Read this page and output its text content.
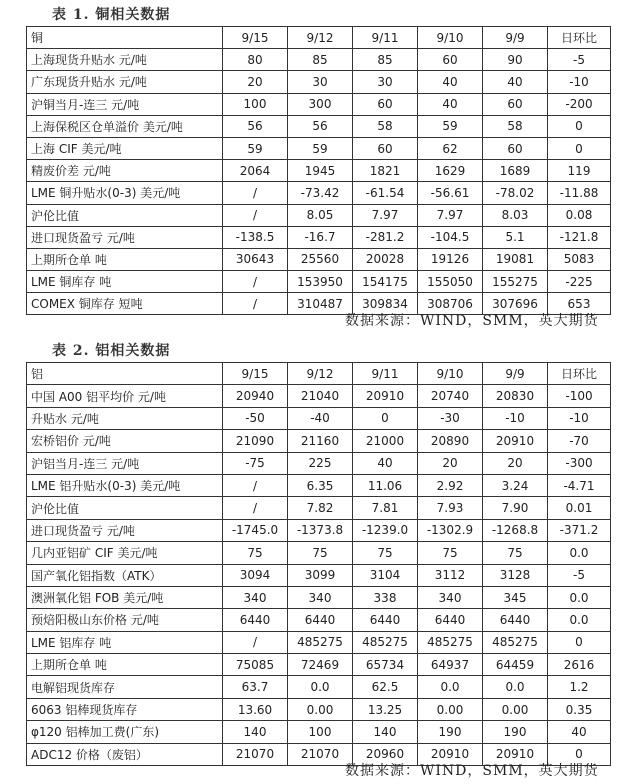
表 1. 铜相关数据
铜	9/15	9/12	9/11	9/10	9/9	日环比
上海现货升贴水 元/吨	80	85	85	60	90	-5
广东现货升贴水 元/吨	20	30	30	40	40	-10
沪铜当月-连三 元/吨	100	300	60	40	60	-200
上海保税区仓单溢价 美元/吨	56	56	58	59	58	0
上海 CIF 美元/吨	59	59	60	62	60	0
精废价差 元/吨	2064	1945	1821	1629	1689	119
LME 铜升贴水(0-3) 美元/吨	/	-73.42	-61.54	-56.61	-78.02	-11.88
沪伦比值	/	8.05	7.97	7.97	8.03	0.08
进口现货盈亏 元/吨	-138.5	-16.7	-281.2	-104.5	5.1	-121.8
上期所仓单 吨	30643	25560	20028	19126	19081	5083
LME 铜库存 吨	/	153950	154175	155050	155275	-225
COMEX 铜库存 短吨	/	310487	309834	308706	307696	653
数据来源：WIND，SMM，英大期货
表 2. 铝相关数据
铝	9/15	9/12	9/11	9/10	9/9	日环比
中国 A00 铝平均价 元/吨	20940	21040	20910	20740	20830	-100
升贴水 元/吨	-50	-40	0	-30	-10	-10
宏桥铝价 元/吨	21090	21160	21000	20890	20910	-70
沪铝当月-连三 元/吨	-75	225	40	20	20	-300
LME 铝升贴水(0-3) 美元/吨	/	6.35	11.06	2.92	3.24	-4.71
沪伦比值	/	7.82	7.81	7.93	7.90	0.01
进口现货盈亏 元/吨	-1745.0	-1373.8	-1239.0	-1302.9	-1268.8	-371.2
几内亚铝矿 CIF 美元/吨	75	75	75	75	75	0.0
国产氧化铝指数（ATK）	3094	3099	3104	3112	3128	-5
澳洲氧化铝 FOB 美元/吨	340	340	338	340	345	0.0
预焙阳极山东价格 元/吨	6440	6440	6440	6440	6440	0.0
LME 铝库存 吨	/	485275	485275	485275	485275	0
上期所仓单 吨	75085	72469	65734	64937	64459	2616
电解铝现货库存	63.7	0.0	62.5	0.0	0.0	1.2
6063 铝棒现货库存	13.60	0.00	13.25	0.00	0.00	0.35
φ120 铝棒加工费(广东)	140	100	140	190	190	40
ADC12 价格（废铝）	21070	21070	20960	20910	20910	0
数据来源：WIND，SMM，英大期货
